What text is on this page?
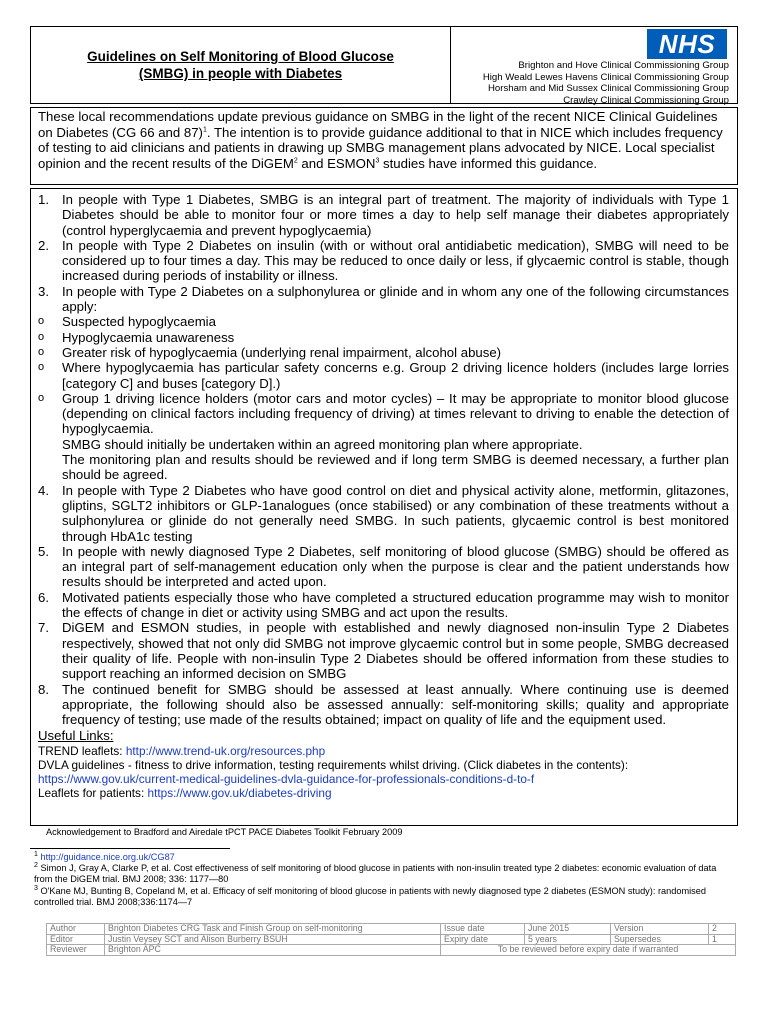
Guidelines on Self Monitoring of Blood Glucose
(SMBG) in people with Diabetes
NHS
Brighton and Hove Clinical Commissioning Group
High Weald Lewes Havens Clinical Commissioning Group
Horsham and Mid Sussex Clinical Commissioning Group
Crawley Clinical Commissioning Group
These local recommendations update previous guidance on SMBG in the light of the recent NICE Clinical Guidelines on Diabetes (CG 66 and 87)$^1$. The intention is to provide guidance additional to that in NICE which includes frequency of testing to aid clinicians and patients in drawing up SMBG management plans advocated by NICE. Local specialist opinion and the recent results of the DiGEM$^2$ and ESMON$^3$ studies have informed this guidance.
1. In people with Type 1 Diabetes, SMBG is an integral part of treatment. The majority of individuals with Type 1 Diabetes should be able to monitor four or more times a day to help self manage their diabetes appropriately (control hyperglycaemia and prevent hypoglycaemia)
2. In people with Type 2 Diabetes on insulin (with or without oral antidiabetic medication), SMBG will need to be considered up to four times a day. This may be reduced to once daily or less, if glycaemic control is stable, though increased during periods of instability or illness.
3. In people with Type 2 Diabetes on a sulphonylurea or glinide and in whom any one of the following circumstances apply:
o	Suspected hypoglycaemia
o	Hypoglycaemia unawareness
o	Greater risk of hypoglycaemia (underlying renal impairment, alcohol abuse)
o	Where hypoglycaemia has particular safety concerns e.g. Group 2 driving licence holders (includes large lorries [category C] and buses [category D].)
o	Group 1 driving licence holders (motor cars and motor cycles) – It may be appropriate to monitor blood glucose (depending on clinical factors including frequency of driving) at times relevant to driving to enable the detection of hypoglycaemia.
SMBG should initially be undertaken within an agreed monitoring plan where appropriate.
The monitoring plan and results should be reviewed and if long term SMBG is deemed necessary, a further plan should be agreed.
4. In people with Type 2 Diabetes who have good control on diet and physical activity alone, metformin, glitazones, gliptins, SGLT2 inhibitors or GLP-1analogues (once stabilised) or any combination of these treatments without a sulphonylurea or glinide do not generally need SMBG. In such patients, glycaemic control is best monitored through HbA1c testing
5. In people with newly diagnosed Type 2 Diabetes, self monitoring of blood glucose (SMBG) should be offered as an integral part of self-management education only when the purpose is clear and the patient understands how results should be interpreted and acted upon.
6. Motivated patients especially those who have completed a structured education programme may wish to monitor the effects of change in diet or activity using SMBG and act upon the results.
7. DiGEM and ESMON studies, in people with established and newly diagnosed non-insulin Type 2 Diabetes respectively, showed that not only did SMBG not improve glycaemic control but in some people, SMBG decreased their quality of life. People with non-insulin Type 2 Diabetes should be offered information from these studies to support reaching an informed decision on SMBG
8. The continued benefit for SMBG should be assessed at least annually. Where continuing use is deemed appropriate, the following should also be assessed annually: self-monitoring skills; quality and appropriate frequency of testing; use made of the results obtained; impact on quality of life and the equipment used.
Useful Links:
TREND leaflets: http://www.trend-uk.org/resources.php
DVLA guidelines - fitness to drive information, testing requirements whilst driving. (Click diabetes in the contents):
https://www.gov.uk/current-medical-guidelines-dvla-guidance-for-professionals-conditions-d-to-f
Leaflets for patients: https://www.gov.uk/diabetes-driving
Acknowledgement to Bradford and Airedale tPCT PACE Diabetes Toolkit February 2009
$^1$ http://guidance.nice.org.uk/CG87
$^2$ Simon J, Gray A, Clarke P, et al. Cost effectiveness of self monitoring of blood glucose in patients with non-insulin treated type 2 diabetes: economic evaluation of data from the DiGEM trial. BMJ 2008; 336: 1177—80
$^3$ O'Kane MJ, Bunting B, Copeland M, et al. Efficacy of self monitoring of blood glucose in patients with newly diagnosed type 2 diabetes (ESMON study): randomised controlled trial. BMJ 2008;336:1174—7
Author	Brighton Diabetes CRG Task and Finish Group on self-monitoring	Issue date	June 2015	Version	2
Editor	Justin Veysey SCT and Alison Burberry BSUH	Expiry date	5 years	Supersedes	1
Reviewer	Brighton APC	To be reviewed before expiry date if warranted			
